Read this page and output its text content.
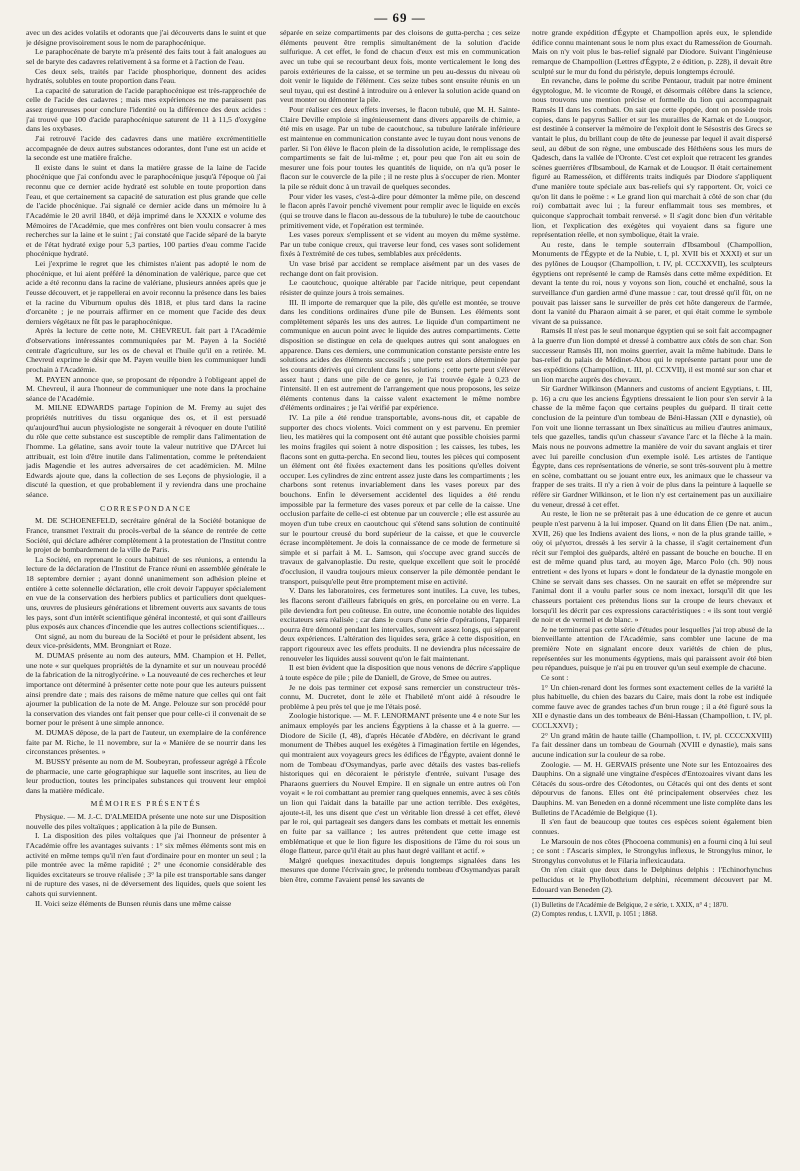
— 69 —

avec un des acides volatils et odorants que j'ai découverts dans le suint et que je désigne provisoirement sous le nom de paraphocénique.

Le paraphocénate de baryte m'a présenté des faits tout à fait analogues au sel de baryte des cadavres relativement à sa forme et à l'action de l'eau.

Ces deux sels, traités par l'acide phosphorique, donnent des acides hydratés, solubles en toute proportion dans l'eau.

La capacité de saturation de l'acide paraphocénique est très-rapprochée de celle de l'acide des cadavres ; mais mes expériences ne me paraissent pas assez rigoureuses pour conclure l'identité ou la différence des deux acides : j'ai trouvé que 100 d'acide paraphocénique saturent de 11 à 11,5 d'oxygène dans les oxybases.

J'ai retrouvé l'acide des cadavres dans une matière excrémentitielle accompagnée de deux autres substances odorantes, dont l'une est un acide et la seconde est une matière fraîche.

Il existe dans le suint et dans la matière grasse de la laine de l'acide phocénique que j'ai confondu avec le paraphocénique jusqu'à l'époque où j'ai reconnu que ce dernier acide hydraté est soluble en toute proportion dans l'eau, et que certainement sa capacité de saturation est plus grande que celle de l'acide phocénique. J'ai signalé ce dernier acide dans un mémoire lu à l'Académie le 20 avril 1840, et déjà imprimé dans le XXXIX e volume des Mémoires de l'Académie, que mes confrères ont bien voulu consacrer à mes recherches sur la laine et le suint ; j'ai constaté que l'acide séparé de la baryte et de l'état hydraté exige pour 5,3 parties, 100 parties d'eau comme l'acide phocénique hydraté.

Lei j'exprime le regret que les chimistes n'aient pas adopté le nom de phocénique, et lui aient préféré la dénomination de valérique, parce que cet acide a été reconnu dans la racine de valériane, plusieurs années après que je l'eusse découvert, et je rappellerai en avoir reconnu la présence dans les baies et la racine du Viburnum opulus dès 1818, et plus tard dans la racine d'orcanète ; je ne pourrais affirmer en ce moment que l'acide des deux derniers végétaux ne fût pas le paraphocénique.

Après la lecture de cette note, M. CHEVREUL fait part à l'Académie d'observations intéressantes communiquées par M. Payen à la Société centrale d'agriculture, sur les os de cheval et l'huile qu'il en a retirée. M. Chevreul exprime le désir que M. Payen veuille bien les communiquer lundi prochain à l'Académie.

M. PAYEN annonce que, se proposant de répondre à l'obligeant appel de M. Chevreul, il aura l'honneur de communiquer une note dans la prochaine séance de l'Académie.

M. MILNE EDWARDS partage l'opinion de M. Fremy au sujet des propriétés nutritives du tissu organique des os, et il est persuadé qu'aujourd'hui aucun physiologiste ne songerait à révoquer en doute l'utilité du rôle que cette substance est susceptible de remplir dans l'alimentation de l'homme. La gélatine, sans avoir toute la valeur nutritive que D'Arcet lui attribuait, est loin d'être inutile dans l'alimentation, comme le prétendaient jadis Magendie et les autres adversaires de cet académicien. M. Milne Edwards ajoute que, dans la collection de ses Leçons de physiologie, il a discuté la question, et que probablement il y reviendra dans une prochaine séance.

CORRESPONDANCE

M. DE SCHOENEFELD, secrétaire général de la Société botanique de France, transmet l'extrait du procès-verbal de la séance de rentrée de cette Société, qui déclare adhérer complètement à la protestation de l'Institut contre le projet de bombardement de la ville de Paris.

La Société, en reprenant le cours habituel de ses réunions, a entendu la lecture de la déclaration de l'Institut de France réuni en assemblée générale le 18 septembre dernier ; ayant donné unanimement son adhésion pleine et entière à cette solennelle déclaration, elle croit devoir l'appuyer spécialement en vue de la conservation des herbiers publics et particuliers dont quelques-uns, œuvres de plusieurs générations et librement ouverts aux savants de tous les pays, sont d'un intérêt scientifique général incontesté, et qui sont d'ailleurs plus exposés aux chances d'incendie que les autres collections scientifiques…

Ont signé, au nom du bureau de la Société et pour le président absent, les deux vice-présidents, MM. Brongniart et Roze.

M. DUMAS présente au nom des auteurs, MM. Champion et H. Pellet, une note « sur quelques propriétés de la dynamite et sur un nouveau procédé de la fabrication de la nitroglycérine. » La nouveauté de ces recherches et leur importance ont déterminé à présenter cette note pour que les auteurs puissent ainsi prendre date ; mais des raisons de même nature que celles qui ont fait ajourner la publication de la note de M. Ange. Pelouze sur son procédé pour la conservation des viandes ont fait penser que pour celle-ci il convenait de se borner pour le présent à une simple annonce.

M. DUMAS dépose, de la part de l'auteur, un exemplaire de la conférence faite par M. Riche, le 11 novembre, sur la « Manière de se nourrir dans les circonstances présentes. »

M. BUSSY présente au nom de M. Soubeyran, professeur agrégé à l'École de pharmacie, une carte géographique sur laquelle sont inscrites, au lieu de leur production, toutes les principales substances qui trouvent leur emploi dans la matière médicale.

MÉMOIRES PRÉSENTÉS

Physique. — M. J.-C. D'ALMEIDA présente une note sur une Disposition nouvelle des piles voltaïques ; application à la pile de Bunsen.

I. La disposition des piles voltaïques que j'ai l'honneur de présenter à l'Académie offre les avantages suivants : 1° six mêmes éléments sont mis en activité en même temps qu'il n'en faut d'ordinaire pour en monter un seul ; la pile montrée avec la même rapidité ; 2° une économie considérable des liquides excitateurs se trouve réalisée ; 3° la pile est transportable sans danger ni de rupture des vases, ni de déversement des liquides, quels que soient les cahots qui surviennent.

II. Voici seize éléments de Bunsen réunis dans une même caisse

séparée en seize compartiments par des cloisons de gutta-percha ; ces seize éléments peuvent être remplis simultanément de la solution d'acide sulfurique. A cet effet, le fond de chacun d'eux est mis en communication avec un tube qui se recourbant deux fois, monte verticalement le long des parois extérieures de la caisse, et se termine un peu au-dessus du niveau où doit venir le liquide de l'élément. Ces seize tubes sont ensuite réunis en un seul tuyau, qui est destiné à introduire ou à enlever la solution acide quand on veut monter ou démonter la pile.

Pour réaliser ces deux effets inverses, le flacon tubulé, que M. H. Sainte-Claire Deville emploie si ingénieusement dans divers appareils de chimie, a été mis en usage. Par un tube de caoutchouc, sa tubulure latérale inférieure est maintenue en communication constante avec le tuyau dont nous venons de parler. Si l'on élève le flacon plein de la dissolution acide, le remplissage des compartiments se fait de lui-même ; et, pour peu que l'on ait eu soin de mesurer une fois pour toutes les quantités de liquide, on n'a qu'à poser le flacon sur le couvercle de la pile ; il ne reste plus à s'occuper de rien. Monter la pile se réduit donc à un travail de quelques secondes.

Pour vider les vases, c'est-à-dire pour démonter la même pile, on descend le flacon après l'avoir penché vivement pour remplir avec le liquide en excès (qui se trouve dans le flacon au-dessous de la tubulure) le tube de caoutchouc primitivement vide, et l'opération est terminée.

Les vases poreux s'emplissent et se vident au moyen du même système. Par un tube conique creux, qui traverse leur fond, ces vases sont solidement fixés à l'extrémité de ces tubes, semblables aux précédents.

Un vase brisé par accident se remplace aisément par un des vases de rechange dont on fait provision.

Le caoutchouc, quoique altérable par l'acide nitrique, peut cependant résister de quinze jours à trois semaines.

III. Il importe de remarquer que la pile, dès qu'elle est montée, se trouve dans les conditions ordinaires d'une pile de Bunsen. Les éléments sont complètement séparés les uns des autres. Le liquide d'un compartiment ne communique en aucun point avec le liquide des autres compartiments. Cette disposition se distingue en cela de quelques autres qui sont analogues en apparence. Dans ces derniers, une communication constante persiste entre les solutions acides des éléments successifs ; une perte est alors déterminée par les courants dérivés qui circulent dans les solutions ; cette perte peut s'élever assez haut ; dans une pile de ce genre, je l'ai trouvée égale à 0,23 de l'intensité. Il en est autrement de l'arrangement que nous proposons, les seize éléments contenus dans la caisse valent exactement le même nombre d'éléments ordinaires ; je l'ai vérifié par expérience.

IV. La pile a été rendue transportable, avons-nous dit, et capable de supporter des chocs violents. Voici comment on y est parvenu. En premier lieu, les matières qui la composent ont été autant que possible choisies parmi les moins fragiles qui soient à notre disposition ; les caisses, les tubes, les flacons sont en gutta-percha. En second lieu, toutes les pièces qui composent un élément ont été fixées exactement dans les positions qu'elles doivent occuper. Les cylindres de zinc entrent assez juste dans les compartiments ; les charbons sont retenus invariablement dans les vases poreux par des bouchons. Enfin le déversement accidentel des liquides a été rendu impossible par la fermeture des vases poreux et par celle de la caisse. Une occlusion parfaite de celle-ci est obtenue par un couvercle ; elle est assurée au moyen d'un tube creux en caoutchouc qui s'étend sans solution de continuité sur le pourtour creusé du bord supérieur de la caisse, et que le couvercle écrase incomplètement. Je dois la connaissance de ce mode de fermeture si simple et si parfait à M. L. Samson, qui s'occupe avec grand succès de travaux de galvanoplastie. Du reste, quelque excellent que soit le procédé d'occlusion, il vaudra toujours mieux conserver la pile démontée pendant le transport, puisqu'elle peut être promptement mise en activité.

V. Dans les laboratoires, ces fermetures sont inutiles. La cuve, les tubes, les flacons seront d'ailleurs fabriqués en grès, en porcelaine ou en verre. La pile deviendra fort peu coûteuse. En outre, une économie notable des liquides excitateurs sera réalisée ; car dans le cours d'une série d'opérations, l'appareil pourra être démonté pendant les intervalles, souvent assez longs, qui séparent deux expériences. L'altération des liquides sera, grâce à cette disposition, en rapport rigoureux avec les effets produits. Il ne deviendra plus nécessaire de renouveler les liquides aussi souvent qu'on le fait maintenant.

Il est bien évident que la disposition que nous venons de décrire s'applique à toute espèce de pile ; pile de Daniell, de Grove, de Smee ou autres.

Je ne dois pas terminer cet exposé sans remercier un constructeur très-connu, M. Ducretet, dont le zèle et l'habileté m'ont aidé à résoudre le problème à peu près tel que je me l'étais posé.

Zoologie historique. — M. F. LENORMANT présente une 4 e note Sur les animaux employés par les anciens Égyptiens à la chasse et à la guerre. — Diodore de Sicile (I, 48), d'après Hécatée d'Abdère, en décrivant le grand monument de Thèbes auquel les exégètes à l'imagination fertile en légendes, qui montraient aux voyageurs grecs les édifices de l'Égypte, avaient donné le nom de Tombeau d'Osymandyas, parle avec détails des vastes bas-reliefs historiques qui en décoraient le péristyle d'entrée, suivant l'usage des Pharaons guerriers du Nouvel Empire. Il en signale un entre autres où l'on voyait « le roi combattant au premier rang quelques ennemis, avec à ses côtés un lion qui l'aidait dans la bataille par une action terrible. Des exégètes, ajoute-t-il, les uns disent que c'est un véritable lion dressé à cet effet, élevé par le roi, qui partageait ses dangers dans les combats et mettait les ennemis en fuite par sa vaillance ; les autres prétendent que cette image est emblématique et que le lion figure les dispositions de l'âme du roi sous un éloge flatteur, parce qu'il était au plus haut degré vaillant et actif. »

Malgré quelques inexactitudes depuis longtemps signalées dans les mesures que donne l'écrivain grec, le prétendu tombeau d'Osymandyas paraît bien être, comme l'avaient pensé les savants de

notre grande expédition d'Égypte et Champollion après eux, le splendide édifice connu maintenant sous le nom plus exact du Ramesséion de Gournah. Mais on n'y voit plus le bas-relief signalé par Diodore. Suivant l'ingénieuse remarque de Champollion (Lettres d'Égypte, 2 e édition, p. 228), il devait être sculpté sur le mur du fond du péristyle, depuis longtemps écroulé.

En revanche, dans le poëme du scribe Pentaour, traduit par notre éminent égyptologue, M. le vicomte de Rougé, et désormais célèbre dans la science, nous trouvons une mention précise et formelle du lion qui accompagnait Ramsès II dans les combats. On sait que cette épopée, dont on possède trois copies, dans le papyrus Sallier et sur les murailles de Karnak et de Louqsor, est destinée à conserver la mémoire de l'exploit dont le Sésostris des Grecs se vantait le plus, du brillant coup de tête de jeunesse par lequel il avait dispersé seul, au début de son règne, une embuscade des Héthéens sous les murs de Qadesch, dans la vallée de l'Oronte. C'est cet exploit que retracent les grandes scènes guerrières d'Ibsamboul, de Karnak et de Louqsor. Il était certainement figuré au Ramesséion, et différents traits indiqués par Diodore s'appliquent d'une manière toute spéciale aux bas-reliefs qui s'y rapportent. Or, voici ce qu'on lit dans le poëme : « Le grand lion qui marchait à côté de son char (du roi) combattait avec lui ; la fureur enflammait tous ses membres, et quiconque s'approchait tombait renversé. » Il s'agit donc bien d'un véritable lion, et l'explication des exégètes qui voyaient dans sa figure une représentation réelle, et non symbolique, était la vraie.

Au reste, dans le temple souterrain d'Ibsamboul (Champollion, Monuments de l'Égypte et de la Nubie, t. I, pl. XVII bis et XXXI) et sur un des pylônes de Louqsor (Champollion, t. IV, pl. CCCXXVII), les sculpteurs égyptiens ont représenté le camp de Ramsès dans cette même expédition. Et devant la tente du roi, nous y voyons son lion, couché et enchaîné, sous la surveillance d'un gardien armé d'une massue : car, tout dressé qu'il fût, on ne pouvait pas laisser sans le surveiller de près cet hôte dangereux de l'armée, dont la vanité du Pharaon aimait à se parer, et qui était comme le symbole vivant de sa puissance.

Ramsès II n'est pas le seul monarque égyptien qui se soit fait accompagner à la guerre d'un lion dompté et dressé à combattre aux côtés de son char. Son successeur Ramsès III, non moins guerrier, avait la même habitude. Dans le bas-relief du palais de Médinet-Abou qui le représente partant pour une de ses expéditions (Champollion, t. III, pl. CCXVII), il est monté sur son char et un lion marche auprès des chevaux.

Sir Gardner Wilkinson (Manners and customs of ancient Egyptians, t. III, p. 16) a cru que les anciens Égyptiens dressaient le lion pour s'en servir à la chasse de la même façon que certains peuples du guépard. Il tirait cette conclusion de la peinture d'un tombeau de Béni-Hassan (XII e dynastie), où l'on voit une lionne terrassant un Ibex sinaïticus au milieu d'autres animaux, tels que gazelles, tandis qu'un chasseur s'avance l'arc et la flèche à la main. Mais nous ne pouvons admettre la manière de voir du savant anglais et tirer avec lui pareille conclusion d'un exemple isolé. Les artistes de l'antique Égypte, dans ces représentations de vénerie, se sont très-souvent plu à mettre en scène, combattant ou se jouant entre eux, les animaux que le chasseur va frapper de ses traits. Il n'y a rien à voir de plus dans la peinture à laquelle se réfère sir Gardner Wilkinson, et le lion n'y est certainement pas un auxiliaire du veneur, dressé à cet effet.

Au reste, le lion ne se prêterait pas à une éducation de ce genre et aucun peuple n'est parvenu à la lui imposer. Quand on lit dans Élien (De nat. anim., XVII, 26) que les Indiens avaient des lions, « non de la plus grande taille, » οὐχ οἱ μέγιστοι, dressés à les servir à la chasse, il s'agit certainement d'un récit sur l'emploi des guépards, altéré en passant de bouche en bouche. Il en est de même quand plus tard, au moyen âge, Marco Polo (ch. 90) nous entretient « des lyons et lupars » dont le fondateur de la dynastie mongole en Chine se servait dans ses chasses. On ne saurait en effet se méprendre sur l'animal dont il a voulu parler sous ce nom inexact, lorsqu'il dit que les chasseurs portaient ces prétendus lions sur la croupe de leurs chevaux et lorsqu'il les décrit par ces expressions caractéristiques : « ils sont tout vergié de noir et de vermeil et de blanc. »

Je ne terminerai pas cette série d'études pour lesquelles j'ai trop abusé de la bienveillante attention de l'Académie, sans combler une lacune de ma première Note en signalant encore deux variétés de chien de plus, représentées sur les monuments égyptiens, mais qui paraissent avoir été bien peu répandues, puisque je n'ai pu en trouver qu'un seul exemple de chacune.

Ce sont :

1° Un chien-renard dont les formes sont exactement celles de la variété la plus habituelle, du chien des bazars du Caire, mais dont la robe est indiquée comme fauve avec de grandes taches d'un brun rouge ; il a été figuré sous la XII e dynastie dans un des tombeaux de Béni-Hassan (Champollion, t. IV, pl. CCCLXXVI) ;

2° Un grand mâtin de haute taille (Champollion, t. IV, pl. CCCCXXVIII) l'a fait dessiner dans un tombeau de Gournah (XVIII e dynastie), mais sans aucune indication sur la couleur de sa robe.

Zoologie. — M. H. GERVAIS présente une Note sur les Entozoaires des Dauphins. On a signalé une vingtaine d'espèces d'Entozoaires vivant dans les Cétacés du sous-ordre des Cétodontes, ou Cétacés qui ont des dents et sont dépourvus de fanons. Elles ont été principalement observées chez les Dauphins. M. van Beneden en a donné récemment une liste complète dans les Bulletins de l'Académie de Belgique (1).

Il s'en faut de beaucoup que toutes ces espèces soient également bien connues.

Le Marsouin de nos côtes (Phocoena communis) en a fourni cinq à lui seul ; ce sont : l'Ascaris simplex, le Strongylus inflexus, le Strongylus minor, le Strongylus convolutus et le Filaria inflexicaudata.

On n'en citait que deux dans le Delphinus delphis : l'Echinorhynchus pellucidus et le Phyllobothrium delphini, récemment découvert par M. Edouard van Beneden (2).

(1) Bulletins de l'Académie de Belgique, 2 e série, t. XXIX, n° 4 ; 1870.

(2) Comptes rendus, t. LXVII, p. 1051 ; 1868.
